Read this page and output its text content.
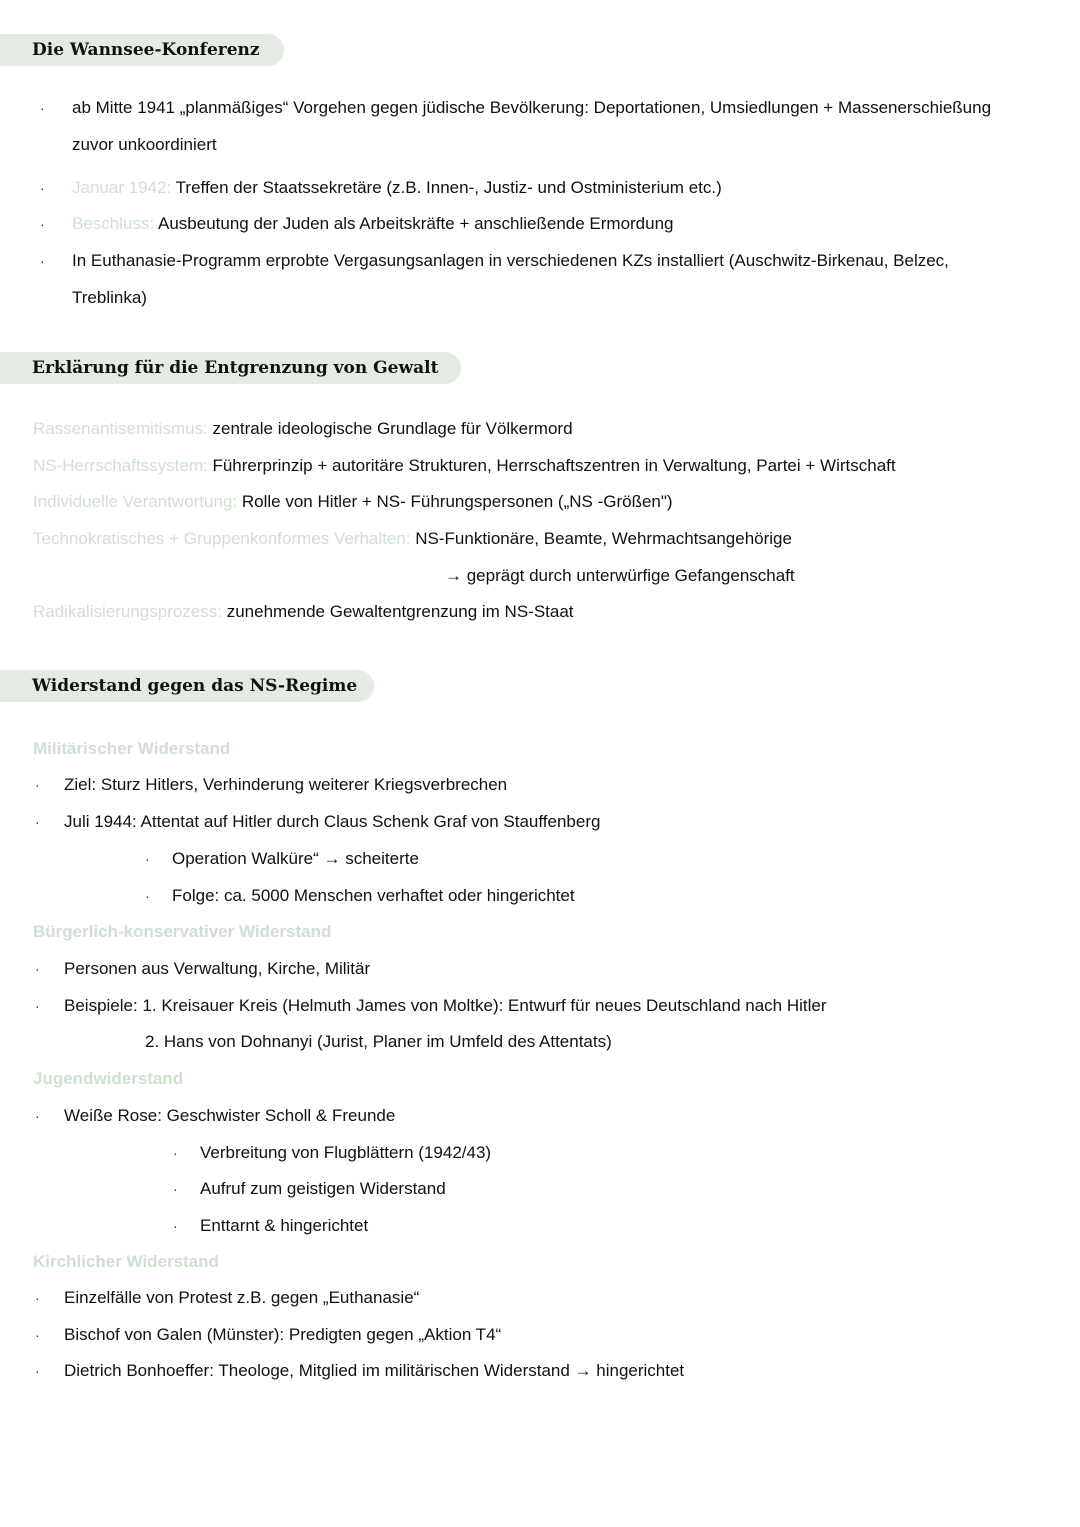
Die Wannsee-Konferenz
· ab Mitte 1941 „planmäßiges“ Vorgehen gegen jüdische Bevölkerung: Deportationen, Umsiedlungen + Massenerschießung
zuvor unkoordiniert
· Januar 1942: Treffen der Staatssekretäre (z.B. Innen-, Justiz- und Ostministerium etc.)
· Beschluss: Ausbeutung der Juden als Arbeitskräfte + anschließende Ermordung
· In Euthanasie-Programm erprobte Vergasungsanlagen in verschiedenen KZs installiert (Auschwitz-Birkenau, Belzec,
Treblinka)
Erklärung für die Entgrenzung von Gewalt
Rassenantisemitismus: zentrale ideologische Grundlage für Völkermord
NS-Herrschaftssystem: Führerprinzip + autoritäre Strukturen, Herrschaftszentren in Verwaltung, Partei + Wirtschaft
Individuelle Verantwortung: Rolle von Hitler + NS- Führungspersonen („NS -Größen")
Technokratisches + Gruppenkonformes Verhalten: NS-Funktionäre, Beamte, Wehrmachtsangehörige
→ geprägt durch unterwürfige Gefangenschaft
Radikalisierungsprozess: zunehmende Gewaltentgrenzung im NS-Staat
Widerstand gegen das NS-Regime
Militärischer Widerstand
· Ziel: Sturz Hitlers, Verhinderung weiterer Kriegsverbrechen
· Juli 1944: Attentat auf Hitler durch Claus Schenk Graf von Stauffenberg
· Operation Walküre“ → scheiterte
· Folge: ca. 5000 Menschen verhaftet oder hingerichtet
Bürgerlich-konservativer Widerstand
· Personen aus Verwaltung, Kirche, Militär
· Beispiele: 1. Kreisauer Kreis (Helmuth James von Moltke): Entwurf für neues Deutschland nach Hitler
2. Hans von Dohnanyi (Jurist, Planer im Umfeld des Attentats)
Jugendwiderstand
· Weiße Rose: Geschwister Scholl & Freunde
· Verbreitung von Flugblättern (1942/43)
· Aufruf zum geistigen Widerstand
· Enttarnt & hingerichtet
Kirchlicher Widerstand
· Einzelfälle von Protest z.B. gegen „Euthanasie“
· Bischof von Galen (Münster): Predigten gegen „Aktion T4“
· Dietrich Bonhoeffer: Theologe, Mitglied im militärischen Widerstand → hingerichtet
